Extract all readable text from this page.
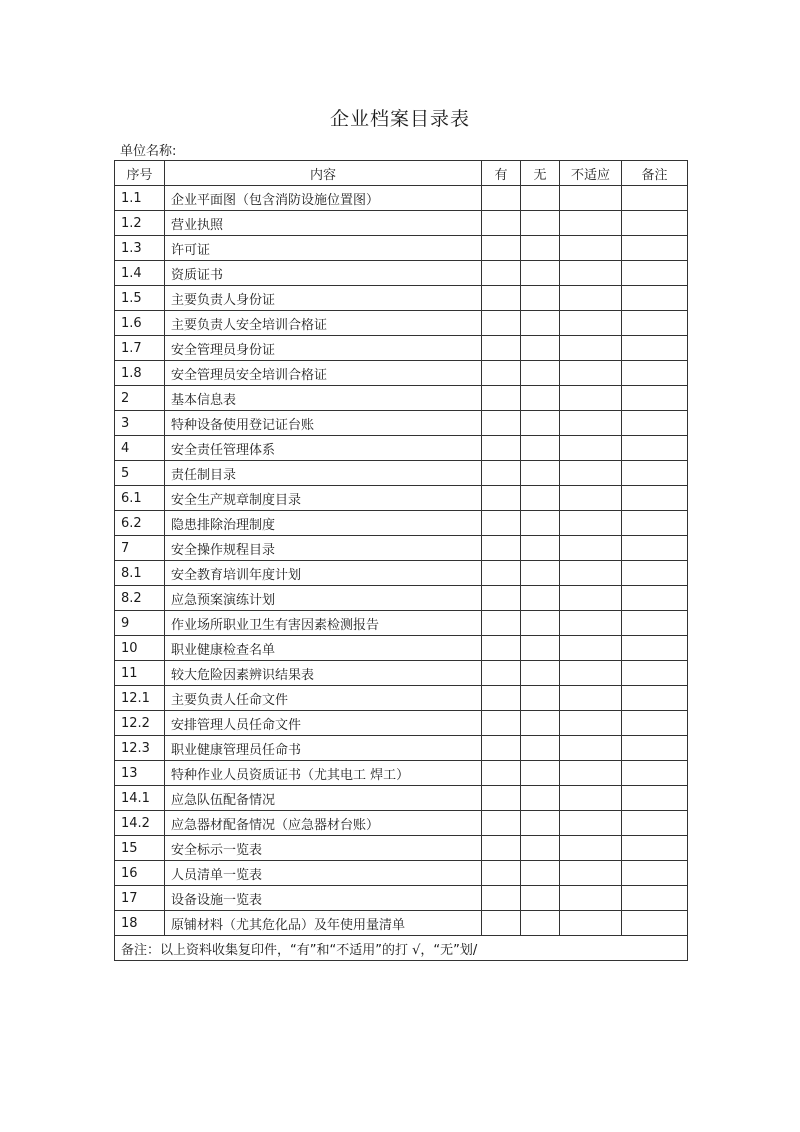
企业档案目录表
单位名称:
序号	内容	有	无	不适应	备注
1.1	企业平面图（包含消防设施位置图）				
1.2	营业执照				
1.3	许可证				
1.4	资质证书				
1.5	主要负责人身份证				
1.6	主要负责人安全培训合格证				
1.7	安全管理员身份证				
1.8	安全管理员安全培训合格证				
2	基本信息表				
3	特种设备使用登记证台账				
4	安全责任管理体系				
5	责任制目录				
6.1	安全生产规章制度目录				
6.2	隐患排除治理制度				
7	安全操作规程目录				
8.1	安全教育培训年度计划				
8.2	应急预案演练计划				
9	作业场所职业卫生有害因素检测报告				
10	职业健康检查名单				
11	较大危险因素辨识结果表				
12.1	主要负责人任命文件				
12.2	安排管理人员任命文件				
12.3	职业健康管理员任命书				
13	特种作业人员资质证书（尤其电工 焊工）				
14.1	应急队伍配备情况				
14.2	应急器材配备情况（应急器材台账）				
15	安全标示一览表				
16	人员清单一览表				
17	设备设施一览表				
18	原铺材料（尤其危化品）及年使用量清单				
备注：以上资料收集复印件，“有”和“不适用”的打 √，“无”划/					
